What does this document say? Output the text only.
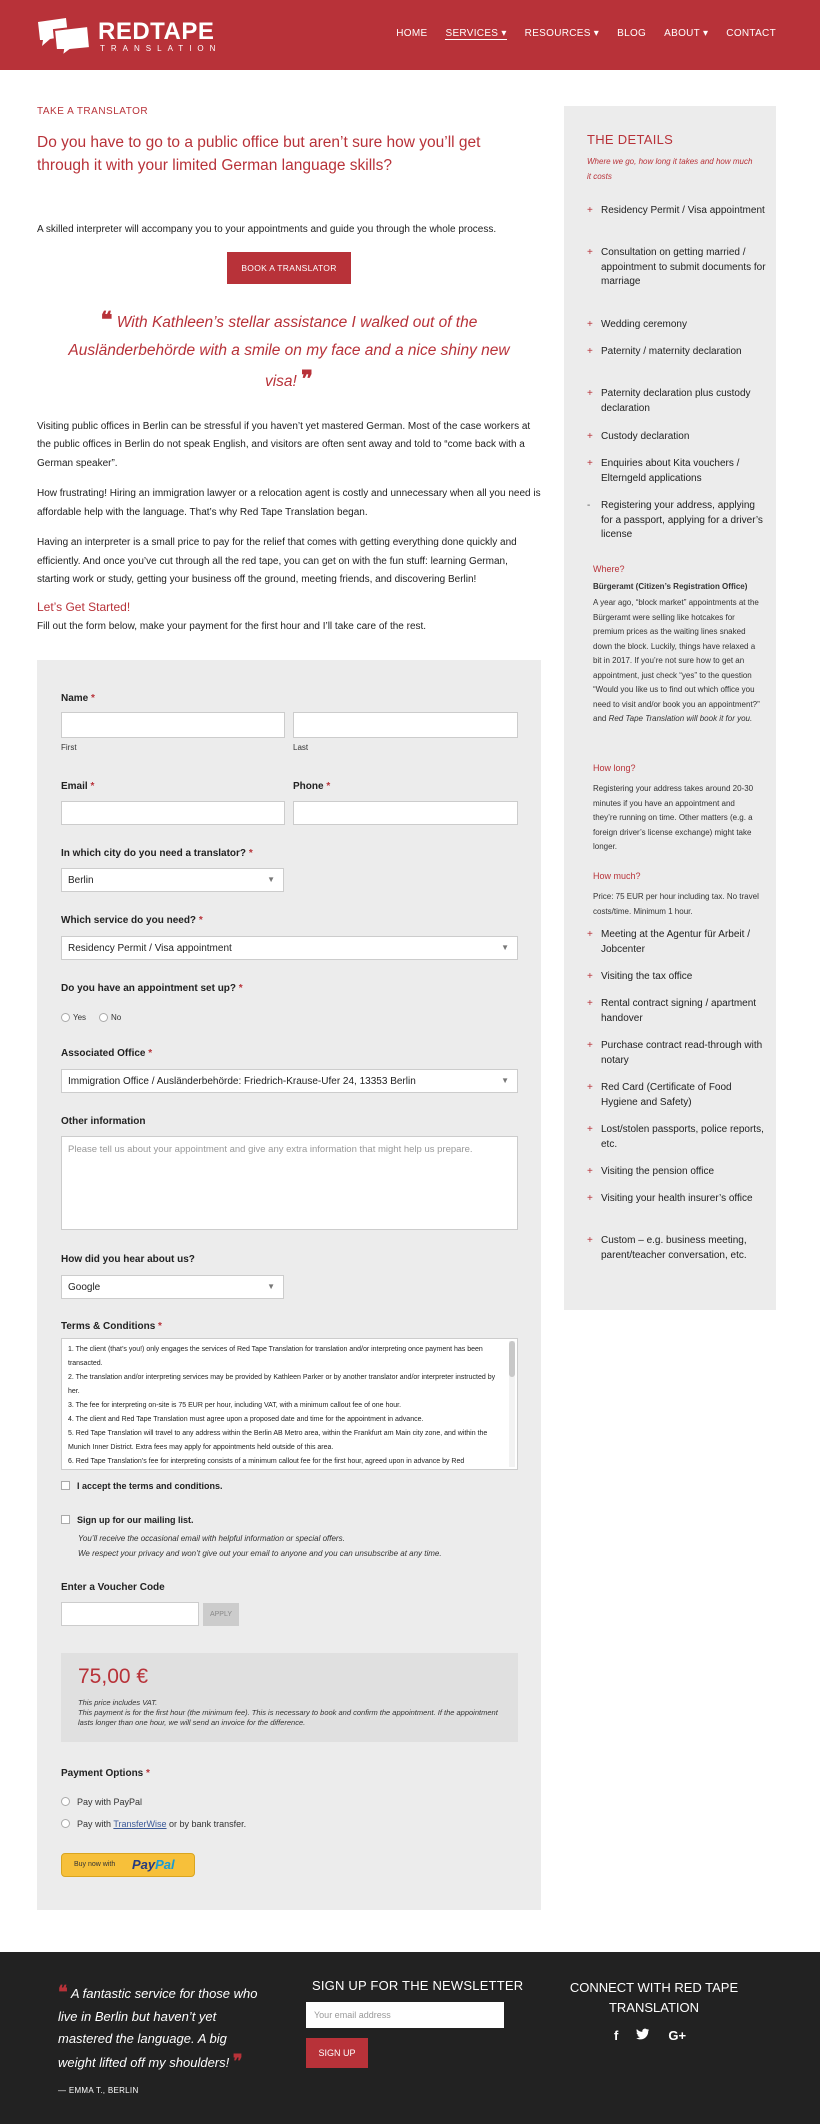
REDTAPE
TRANSLATION
HOME SERVICES ▾ RESOURCES ▾ BLOG ABOUT ▾ CONTACT
TAKE A TRANSLATOR
Do you have to go to a public office but aren’t sure how you’ll get through it with your limited German language skills?

A skilled interpreter will accompany you to your appointments and guide you through the whole process.

BOOK A TRANSLATOR
❝ With Kathleen’s stellar assistance I walked out of the Ausländerbehörde with a smile on my face and a nice shiny new visa! ❞

Visiting public offices in Berlin can be stressful if you haven’t yet mastered German. Most of the case workers at the public offices in Berlin do not speak English, and visitors are often sent away and told to “come back with a German speaker”.

How frustrating! Hiring an immigration lawyer or a relocation agent is costly and unnecessary when all you need is affordable help with the language. That’s why Red Tape Translation began.

Having an interpreter is a small price to pay for the relief that comes with getting everything done quickly and efficiently. And once you’ve cut through all the red tape, you can get on with the fun stuff: learning German, starting work or study, getting your business off the ground, meeting friends, and discovering Berlin!

Let’s Get Started!

Fill out the form below, make your payment for the first hour and I’ll take care of the rest.

Name *
First	Last
Email *	Phone *
In which city do you need a translator? *
Berlin	▼
Which service do you need? *
Residency Permit / Visa appointment	▼
Do you have an appointment set up? *
Yes	No
Associated Office *
Immigration Office / Ausländerbehörde: Friedrich-Krause-Ufer 24, 13353 Berlin	▼
Other information
Please tell us about your appointment and give any extra information that might help us prepare.
How did you hear about us?
Google	▼
Terms & Conditions *
1. The client (that’s you!) only engages the services of Red Tape Translation for translation and/or interpreting once payment has been transacted.
2. The translation and/or interpreting services may be provided by Kathleen Parker or by another translator and/or interpreter instructed by her.
3. The fee for interpreting on-site is 75 EUR per hour, including VAT, with a minimum callout fee of one hour.
4. The client and Red Tape Translation must agree upon a proposed date and time for the appointment in advance.
5. Red Tape Translation will travel to any address within the Berlin AB Metro area, within the Frankfurt am Main city zone, and within the Munich Inner District. Extra fees may apply for appointments held outside of this area.
6. Red Tape Translation’s fee for interpreting consists of a minimum callout fee for the first hour, agreed upon in advance by Red
I accept the terms and conditions.
Sign up for our mailing list.
You’ll receive the occasional email with helpful information or special offers.
We respect your privacy and won’t give out your email to anyone and you can unsubscribe at any time.
Enter a Voucher Code
APPLY
75,00 €
This price includes VAT.
This payment is for the first hour (the minimum fee). This is necessary to book and confirm the appointment. If the appointment lasts longer than one hour, we will send an invoice for the difference.
Payment Options *
Pay with PayPal
Pay with TransferWise or by bank transfer.
Buy now with PayPal
THE DETAILS
Where we go, how long it takes and how much it costs
+ Residency Permit / Visa appointment
+ Consultation on getting married / appointment to submit documents for marriage
+ Wedding ceremony
+ Paternity / maternity declaration
+ Paternity declaration plus custody declaration
+ Custody declaration
+ Enquiries about Kita vouchers / Elterngeld applications
- Registering your address, applying for a passport, applying for a driver’s license
Where?
Bürgeramt (Citizen’s Registration Office)
A year ago, “block market” appointments at the Bürgeramt were selling like hotcakes for premium prices as the waiting lines snaked down the block. Luckily, things have relaxed a bit in 2017. If you’re not sure how to get an appointment, just check “yes” to the question “Would you like us to find out which office you need to visit and/or book you an appointment?” and Red Tape Translation will book it for you.
How long?
Registering your address takes around 20-30 minutes if you have an appointment and they’re running on time. Other matters (e.g. a foreign driver’s license exchange) might take longer.
How much?
Price: 75 EUR per hour including tax. No travel costs/time. Minimum 1 hour.
+ Meeting at the Agentur für Arbeit / Jobcenter
+ Visiting the tax office
+ Rental contract signing / apartment handover
+ Purchase contract read-through with notary
+ Red Card (Certificate of Food Hygiene and Safety)
+ Lost/stolen passports, police reports, etc.
+ Visiting the pension office
+ Visiting your health insurer’s office
+ Custom – e.g. business meeting, parent/teacher conversation, etc.
❝ A fantastic service for those who live in Berlin but haven’t yet mastered the language. A big weight lifted off my shoulders! ❞
— EMMA T., BERLIN
SIGN UP FOR THE NEWSLETTER
Your email address
SIGN UP
CONNECT WITH RED TAPE TRANSLATION
f	G+
